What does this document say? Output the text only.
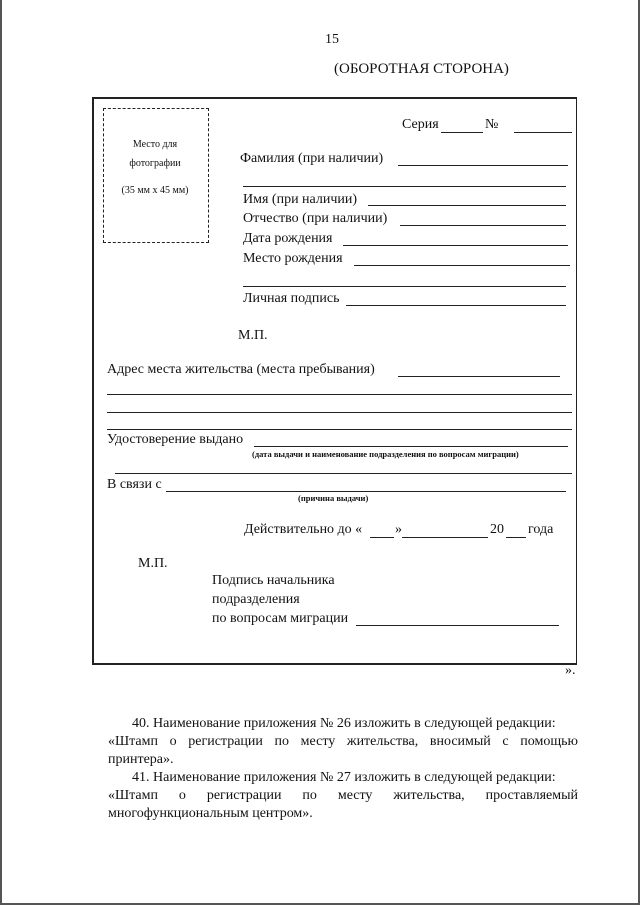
15
(ОБОРОТНАЯ СТОРОНА)
Место для
фотографии
(35 мм х 45 мм)
Серия	№
Фамилия (при наличии)
Имя (при наличии)
Отчество (при наличии)
Дата рождения
Место рождения
Личная подпись
М.П.
Адрес места жительства (места пребывания)
Удостоверение выдано
(дата выдачи и наименование подразделения по вопросам миграции)
В связи с
(причина выдачи)
Действительно до « »	20 года
М.П.
Подпись начальника
подразделения
по вопросам миграции
».
40. Наименование приложения № 26 изложить в следующей редакции:
«Штамп о регистрации по месту жительства, вносимый с помощью
принтера».
41. Наименование приложения № 27 изложить в следующей редакции:
«Штамп о регистрации по месту жительства, проставляемый
многофункциональным центром».
